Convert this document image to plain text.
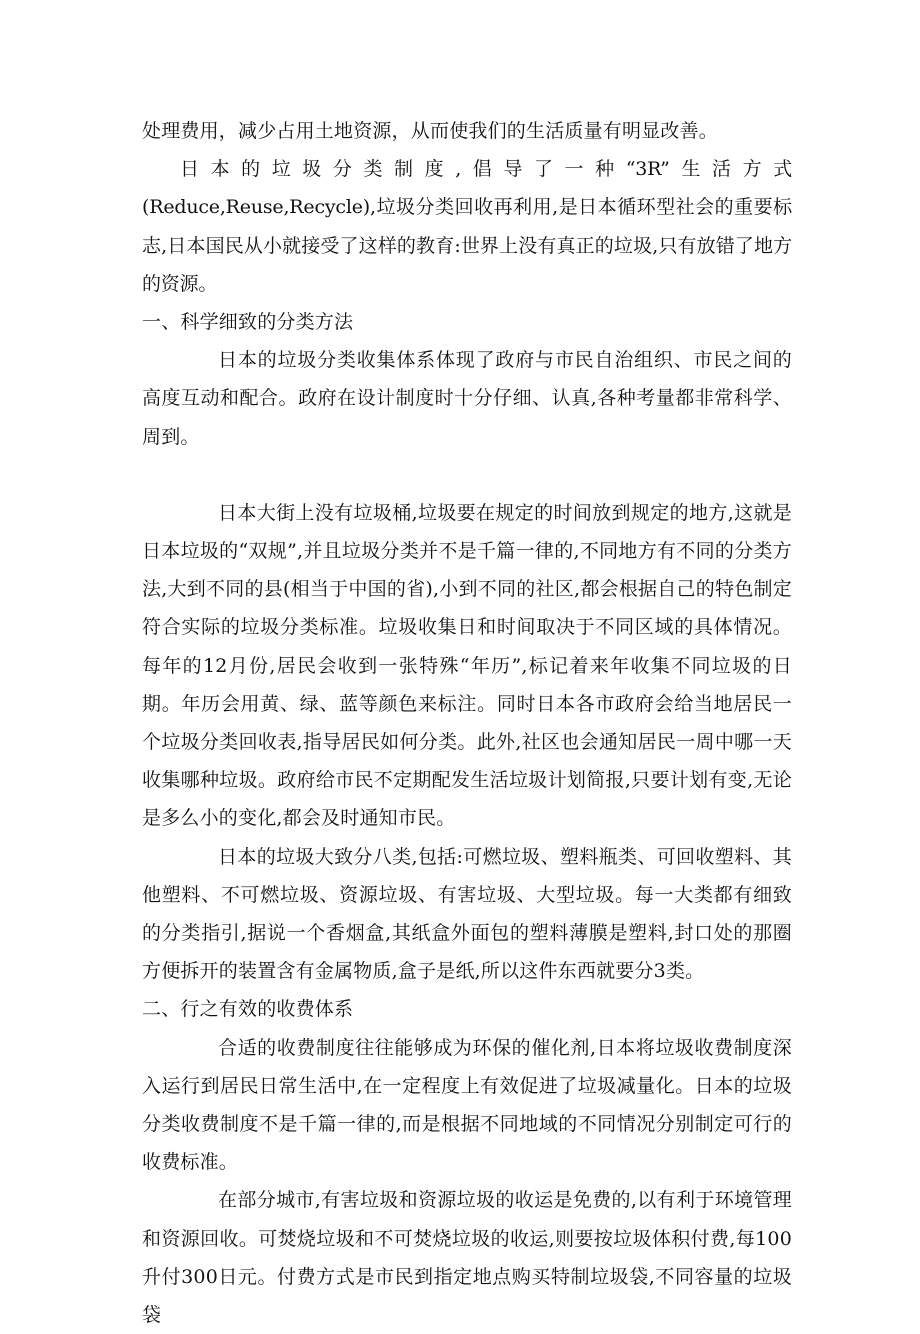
处理费用，减少占用土地资源，从而使我们的生活质量有明显改善。

日本的垃圾分类制度,倡导了一种“3R”生活方式(Reduce,Reuse,Recycle),垃圾分类回收再利用,是日本循环型社会的重要标志,日本国民从小就接受了这样的教育:世界上没有真正的垃圾,只有放错了地方的资源。

一、科学细致的分类方法

日本的垃圾分类收集体系体现了政府与市民自治组织、市民之间的高度互动和配合。政府在设计制度时十分仔细、认真,各种考量都非常科学、周到。

日本大街上没有垃圾桶,垃圾要在规定的时间放到规定的地方,这就是日本垃圾的“双规”,并且垃圾分类并不是千篇一律的,不同地方有不同的分类方法,大到不同的县(相当于中国的省),小到不同的社区,都会根据自己的特色制定符合实际的垃圾分类标准。垃圾收集日和时间取决于不同区域的具体情况。每年的12月份,居民会收到一张特殊“年历”,标记着来年收集不同垃圾的日期。年历会用黄、绿、蓝等颜色来标注。同时日本各市政府会给当地居民一个垃圾分类回收表,指导居民如何分类。此外,社区也会通知居民一周中哪一天收集哪种垃圾。政府给市民不定期配发生活垃圾计划简报,只要计划有变,无论是多么小的变化,都会及时通知市民。

日本的垃圾大致分八类,包括:可燃垃圾、塑料瓶类、可回收塑料、其他塑料、不可燃垃圾、资源垃圾、有害垃圾、大型垃圾。每一大类都有细致的分类指引,据说一个香烟盒,其纸盒外面包的塑料薄膜是塑料,封口处的那圈方便拆开的装置含有金属物质,盒子是纸,所以这件东西就要分3类。

二、行之有效的收费体系

合适的收费制度往往能够成为环保的催化剂,日本将垃圾收费制度深入运行到居民日常生活中,在一定程度上有效促进了垃圾减量化。日本的垃圾分类收费制度不是千篇一律的,而是根据不同地域的不同情况分别制定可行的收费标准。

在部分城市,有害垃圾和资源垃圾的收运是免费的,以有利于环境管理和资源回收。可焚烧垃圾和不可焚烧垃圾的收运,则要按垃圾体积付费,每100升付300日元。付费方式是市民到指定地点购买特制垃圾袋,不同容量的垃圾袋
